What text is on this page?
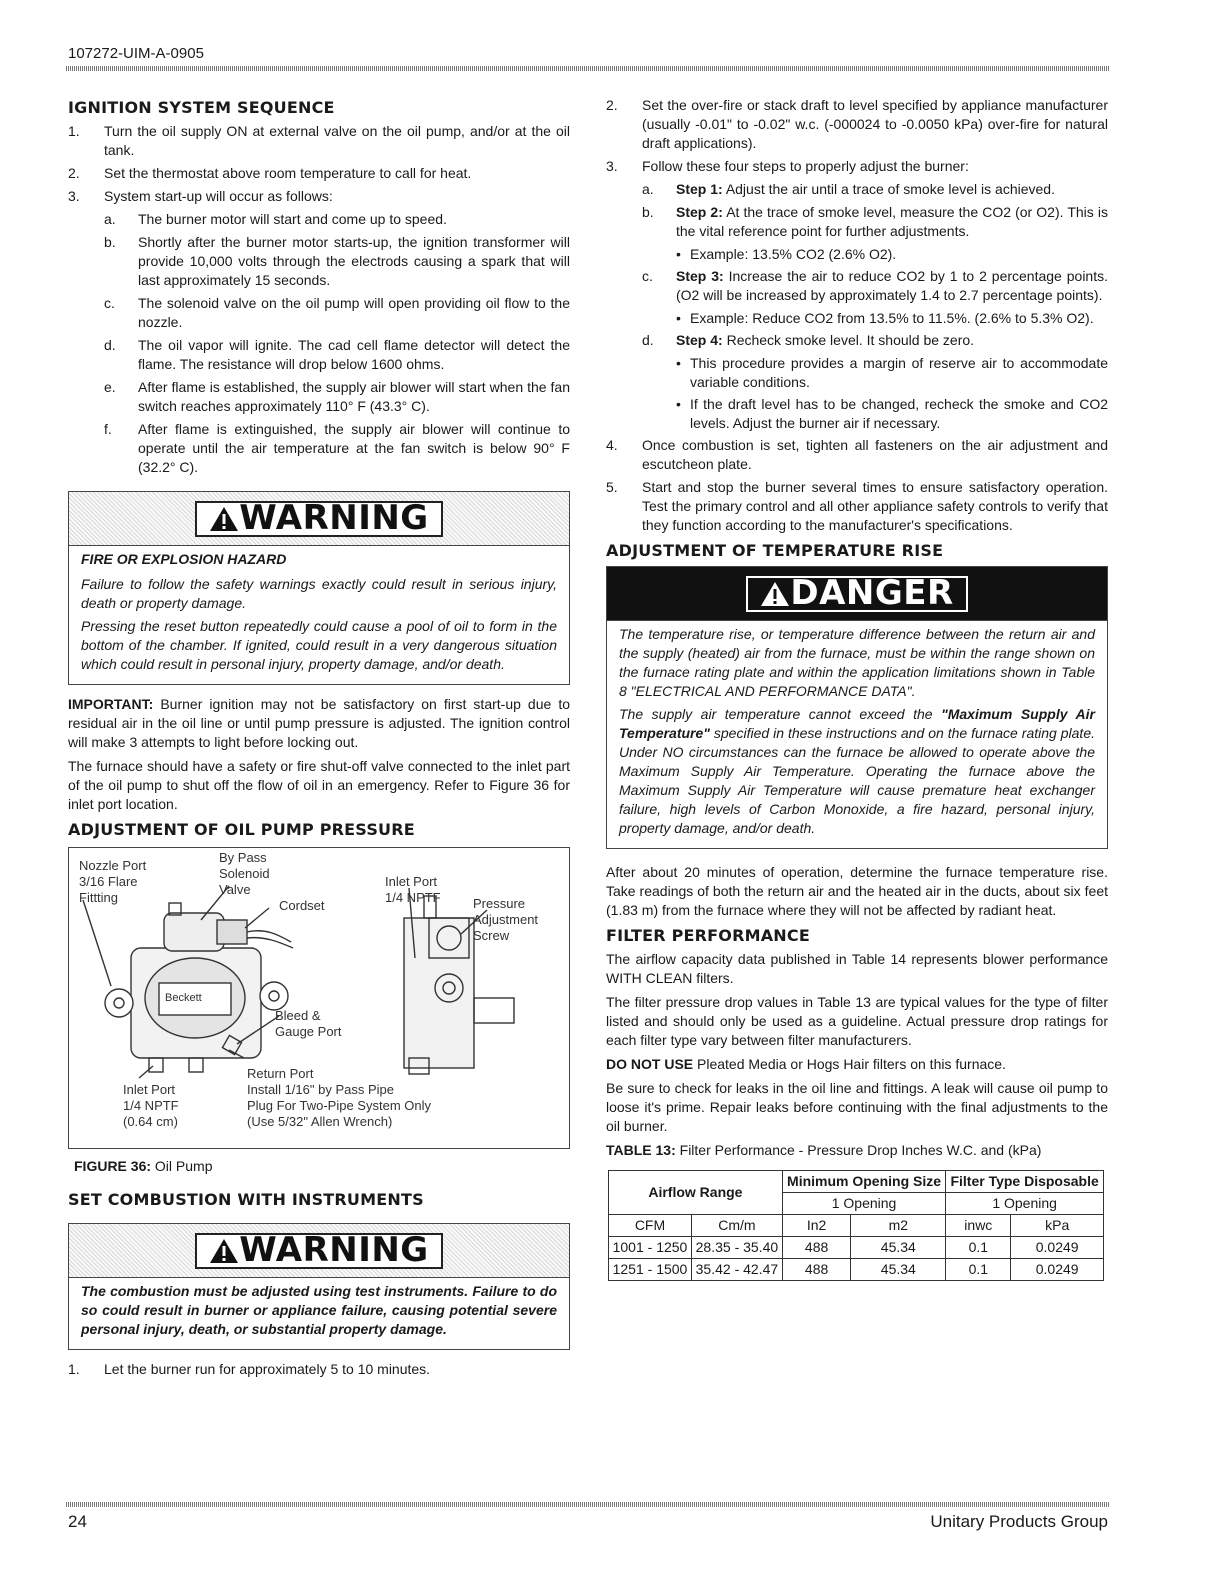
107272-UIM-A-0905
IGNITION SYSTEM SEQUENCE
1.	Turn the oil supply ON at external valve on the oil pump, and/or at the oil tank.
2.	Set the thermostat above room temperature to call for heat.
3.	System start-up will occur as follows:
a.	The burner motor will start and come up to speed.
b.	Shortly after the burner motor starts-up, the ignition transformer will provide 10,000 volts through the electrods causing a spark that will last approximately 15 seconds.
c.	The solenoid valve on the oil pump will open providing oil flow to the nozzle.
d.	The oil vapor will ignite. The cad cell flame detector will detect the flame. The resistance will drop below 1600 ohms.
e.	After flame is established, the supply air blower will start when the fan switch reaches approximately 110° F (43.3° C).
f.	After flame is extinguished, the supply air blower will continue to operate until the air temperature at the fan switch is below 90° F (32.2° C).
WARNING
FIRE OR EXPLOSION HAZARD

Failure to follow the safety warnings exactly could result in serious injury, death or property damage.

Pressing the reset button repeatedly could cause a pool of oil to form in the bottom of the chamber. If ignited, could result in a very dangerous situation which could result in personal injury, property damage, and/or death.

IMPORTANT: Burner ignition may not be satisfactory on first start-up due to residual air in the oil line or until pump pressure is adjusted. The ignition control will make 3 attempts to light before locking out.

The furnace should have a safety or fire shut-off valve connected to the inlet part of the oil pump to shut off the flow of oil in an emergency. Refer to Figure 36 for inlet port location.

ADJUSTMENT OF OIL PUMP PRESSURE
Nozzle Port
3/16 Flare
Fittting
By Pass
Solenoid
Valve
Cordset
Inlet Port
1/4 NPTF Pressure
Adjustment
Screw
Bleed &
Gauge Port
Return Port
Install 1/16" by Pass Pipe
Plug For Two-Pipe System Only
(Use 5/32" Allen Wrench)
Inlet Port
1/4 NPTF
(0.64 cm)
Beckett
FIGURE 36: Oil Pump
SET COMBUSTION WITH INSTRUMENTS
WARNING

The combustion must be adjusted using test instruments. Failure to do so could result in burner or appliance failure, causing potential severe personal injury, death, or substantial property damage.

1.	Let the burner run for approximately 5 to 10 minutes.
2.	Set the over-fire or stack draft to level specified by appliance manufacturer (usually -0.01" to -0.02" w.c. (-000024 to -0.0050 kPa) over-fire for natural draft applications).
3.	Follow these four steps to properly adjust the burner:
a.	Step 1: Adjust the air until a trace of smoke level is achieved.
b.	Step 2: At the trace of smoke level, measure the CO2 (or O2). This is the vital reference point for further adjustments.
• Example: 13.5% CO2 (2.6% O2).
c.	Step 3: Increase the air to reduce CO2 by 1 to 2 percentage points. (O2 will be increased by approximately 1.4 to 2.7 percentage points).
• Example: Reduce CO2 from 13.5% to 11.5%. (2.6% to 5.3% O2).
d.	Step 4: Recheck smoke level. It should be zero.
• This procedure provides a margin of reserve air to accommodate variable conditions.
• If the draft level has to be changed, recheck the smoke and CO2 levels. Adjust the burner air if necessary.
4.	Once combustion is set, tighten all fasteners on the air adjustment and escutcheon plate.
5.	Start and stop the burner several times to ensure satisfactory operation. Test the primary control and all other appliance safety controls to verify that they function according to the manufacturer's specifications.
ADJUSTMENT OF TEMPERATURE RISE
DANGER

The temperature rise, or temperature difference between the return air and the supply (heated) air from the furnace, must be within the range shown on the furnace rating plate and within the application limitations shown in Table 8 "ELECTRICAL AND PERFORMANCE DATA".

The supply air temperature cannot exceed the "Maximum Supply Air Temperature" specified in these instructions and on the furnace rating plate. Under NO circumstances can the furnace be allowed to operate above the Maximum Supply Air Temperature. Operating the furnace above the Maximum Supply Air Temperature will cause premature heat exchanger failure, high levels of Carbon Monoxide, a fire hazard, personal injury, property damage, and/or death.

After about 20 minutes of operation, determine the furnace temperature rise. Take readings of both the return air and the heated air in the ducts, about six feet (1.83 m) from the furnace where they will not be affected by radiant heat.

FILTER PERFORMANCE

The airflow capacity data published in Table 14 represents blower performance WITH CLEAN filters.

The filter pressure drop values in Table 13 are typical values for the type of filter listed and should only be used as a guideline. Actual pressure drop ratings for each filter type vary between filter manufacturers.

DO NOT USE Pleated Media or Hogs Hair filters on this furnace.

Be sure to check for leaks in the oil line and fittings. A leak will cause oil pump to loose it's prime. Repair leaks before continuing with the final adjustments to the oil burner.

TABLE 13: Filter Performance - Pressure Drop Inches W.C. and (kPa)

Airflow Range		Minimum Opening Size		Filter Type Disposable	
		1 Opening		1 Opening	
CFM	Cm/m	In2	m2	inwc	kPa
1001 - 1250	28.35 - 35.40	488	45.34	0.1	0.0249
1251 - 1500	35.42 - 42.47	488	45.34	0.1	0.0249
24	Unitary Products Group
